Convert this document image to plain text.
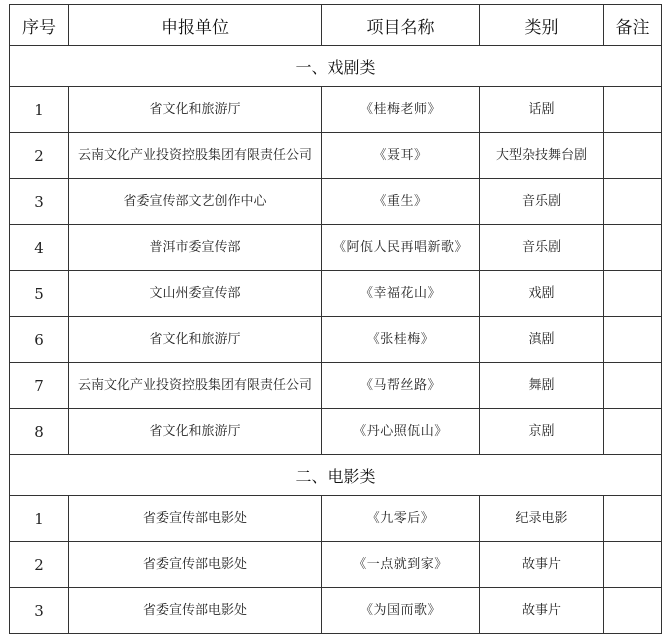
序号	申报单位	项目名称	类别	备注
一、戏剧类				
1	省文化和旅游厅	《桂梅老师》	话剧	
2	云南文化产业投资控股集团有限责任公司	《聂耳》	大型杂技舞台剧	
3	省委宣传部文艺创作中心	《重生》	音乐剧	
4	普洱市委宣传部	《阿佤人民再唱新歌》	音乐剧	
5	文山州委宣传部	《幸福花山》	戏剧	
6	省文化和旅游厅	《张桂梅》	滇剧	
7	云南文化产业投资控股集团有限责任公司	《马帮丝路》	舞剧	
8	省文化和旅游厅	《丹心照佤山》	京剧	
二、电影类				
1	省委宣传部电影处	《九零后》	纪录电影	
2	省委宣传部电影处	《一点就到家》	故事片	
3	省委宣传部电影处	《为国而歌》	故事片	
